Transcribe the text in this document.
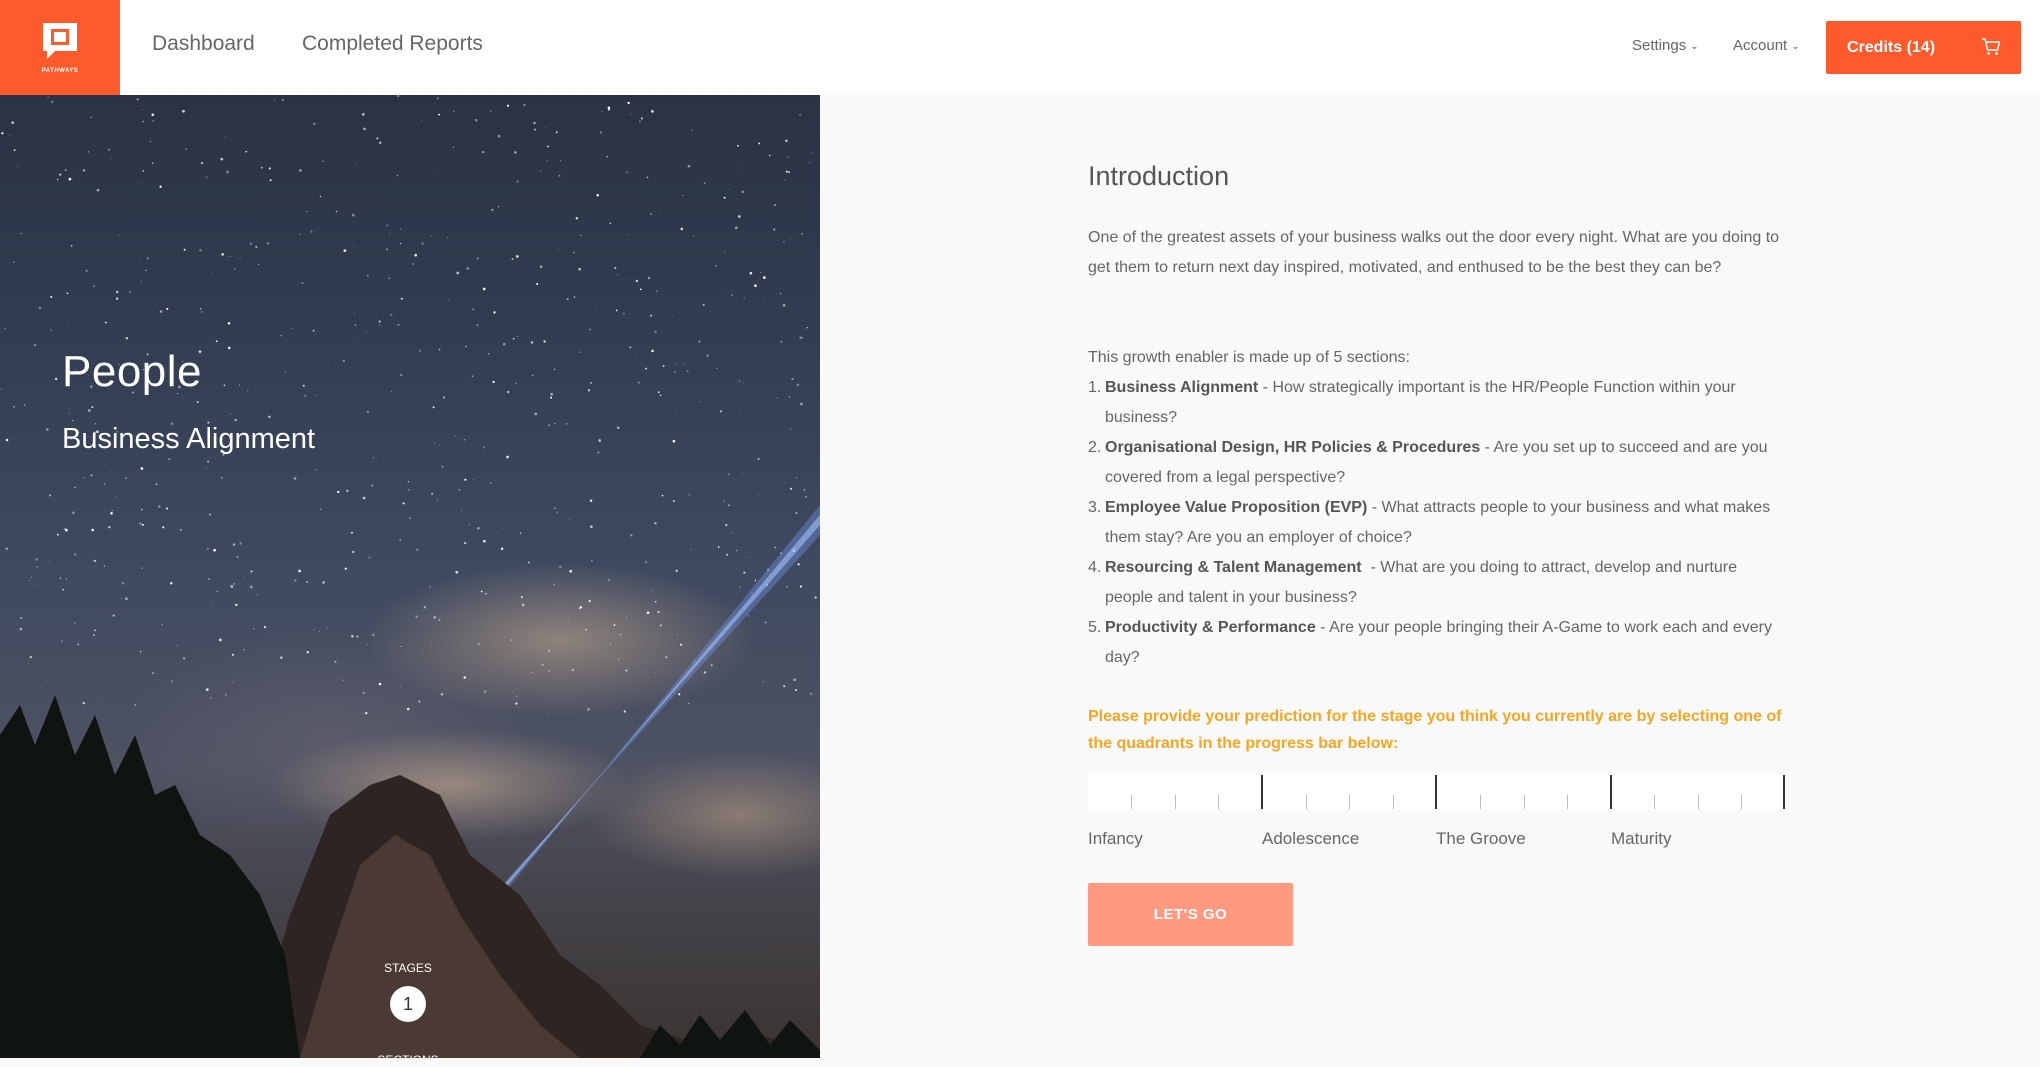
PATHWAYS
Dashboard Completed Reports	Settings ⌄ Account ⌄	Credits (14)
People
Business Alignment
STAGES
1
SECTIONS
Introduction
One of the greatest assets of your business walks out the door every night. What are you doing to get them to return next day inspired, motivated, and enthused to be the best they can be?
This growth enabler is made up of 5 sections:
1. Business Alignment - How strategically important is the HR/People Function within your business?
2. Organisational Design, HR Policies & Procedures - Are you set up to succeed and are you covered from a legal perspective?
3. Employee Value Proposition (EVP) - What attracts people to your business and what makes them stay? Are you an employer of choice?
4. Resourcing & Talent Management  - What are you doing to attract, develop and nurture people and talent in your business?
5. Productivity & Performance - Are your people bringing their A-Game to work each and every day?
Please provide your prediction for the stage you think you currently are by selecting one of the quadrants in the progress bar below:
Infancy	Adolescence	The Groove	Maturity
LET'S GO
